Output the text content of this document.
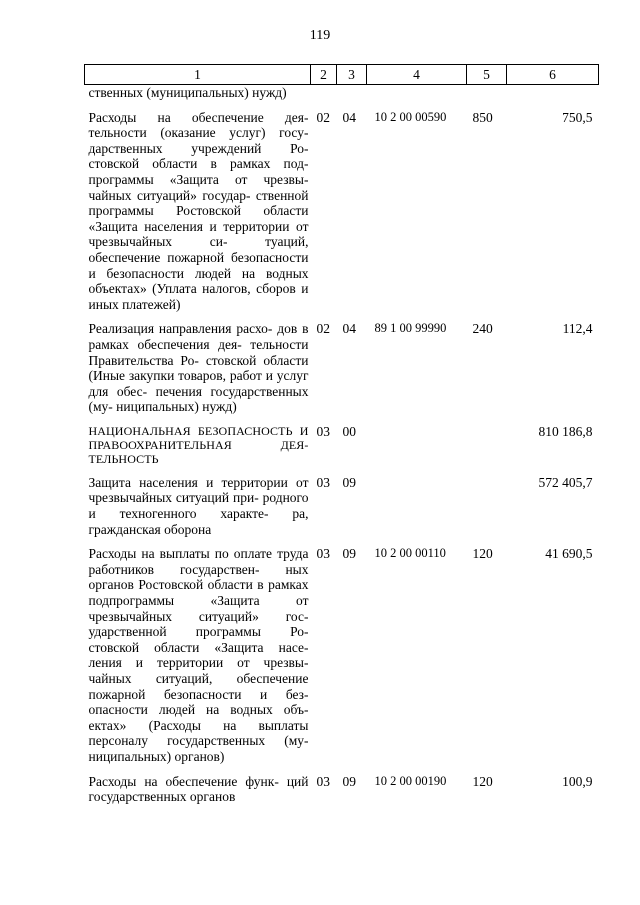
119
1	2	3	4	5	6
ственных (муниципальных) нужд)					

Расходы на обеспечение дея- тельности (оказание услуг) госу- дарственных учреждений Ро- стовской области в рамках под- программы «Защита от чрезвы- чайных ситуаций» государ- ственной программы Ростовской области «Защита населения и территории от чрезвычайных си- туаций, обеспечение пожарной безопасности и безопасности людей на водных объектах» (Уплата налогов, сборов и иных платежей)	02	04	10 2 00 00590	850	750,5

Реализация направления расхо- дов в рамках обеспечения дея- тельности Правительства Ро- стовской области (Иные закупки товаров, работ и услуг для обес- печения государственных (му- ниципальных) нужд)	02	04	89 1 00 99990	240	112,4

НАЦИОНАЛЬНАЯ БЕЗОПАСНОСТЬ И ПРАВООХРАНИТЕЛЬНАЯ ДЕЯ- ТЕЛЬНОСТЬ	03	00			810 186,8

Защита населения и территории от чрезвычайных ситуаций при- родного и техногенного характе- ра, гражданская оборона	03	09			572 405,7

Расходы на выплаты по оплате труда работников государствен- ных органов Ростовской области в рамках подпрограммы «Защита от чрезвычайных ситуаций» гос- ударственной программы Ро- стовской области «Защита насе- ления и территории от чрезвы- чайных ситуаций, обеспечение пожарной безопасности и без- опасности людей на водных объ- ектах» (Расходы на выплаты персоналу государственных (му- ниципальных) органов)	03	09	10 2 00 00110	120	41 690,5

Расходы на обеспечение функ- ций государственных органов	03	09	10 2 00 00190	120	100,9
